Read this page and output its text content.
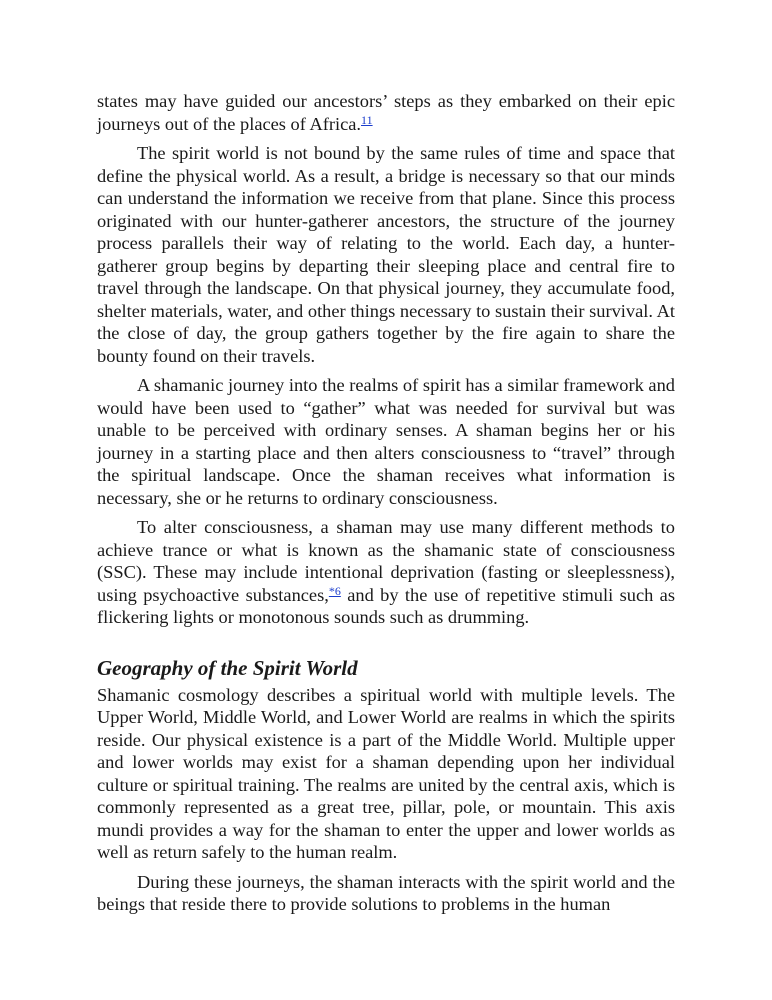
states may have guided our ancestors’ steps as they embarked on their epic journeys out of the places of Africa.$^{11}$

The spirit world is not bound by the same rules of time and space that define the physical world. As a result, a bridge is necessary so that our minds can understand the information we receive from that plane. Since this process originated with our hunter-gatherer ancestors, the structure of the journey process parallels their way of relating to the world. Each day, a hunter-gatherer group begins by departing their sleeping place and central fire to travel through the landscape. On that physical journey, they accumulate food, shelter materials, water, and other things necessary to sustain their survival. At the close of day, the group gathers together by the fire again to share the bounty found on their travels.

A shamanic journey into the realms of spirit has a similar framework and would have been used to “gather” what was needed for survival but was unable to be perceived with ordinary senses. A shaman begins her or his journey in a starting place and then alters consciousness to “travel” through the spiritual landscape. Once the shaman receives what information is necessary, she or he returns to ordinary consciousness.

To alter consciousness, a shaman may use many different methods to achieve trance or what is known as the shamanic state of consciousness (SSC). These may include intentional deprivation (fasting or sleeplessness), using psychoactive substances,$^{*6}$ and by the use of repetitive stimuli such as flickering lights or monotonous sounds such as drumming.

Geography of the Spirit World

Shamanic cosmology describes a spiritual world with multiple levels. The Upper World, Middle World, and Lower World are realms in which the spirits reside. Our physical existence is a part of the Middle World. Multiple upper and lower worlds may exist for a shaman depending upon her individual culture or spiritual training. The realms are united by the central axis, which is commonly represented as a great tree, pillar, pole, or mountain. This axis mundi provides a way for the shaman to enter the upper and lower worlds as well as return safely to the human realm.

During these journeys, the shaman interacts with the spirit world and the beings that reside there to provide solutions to problems in the human
